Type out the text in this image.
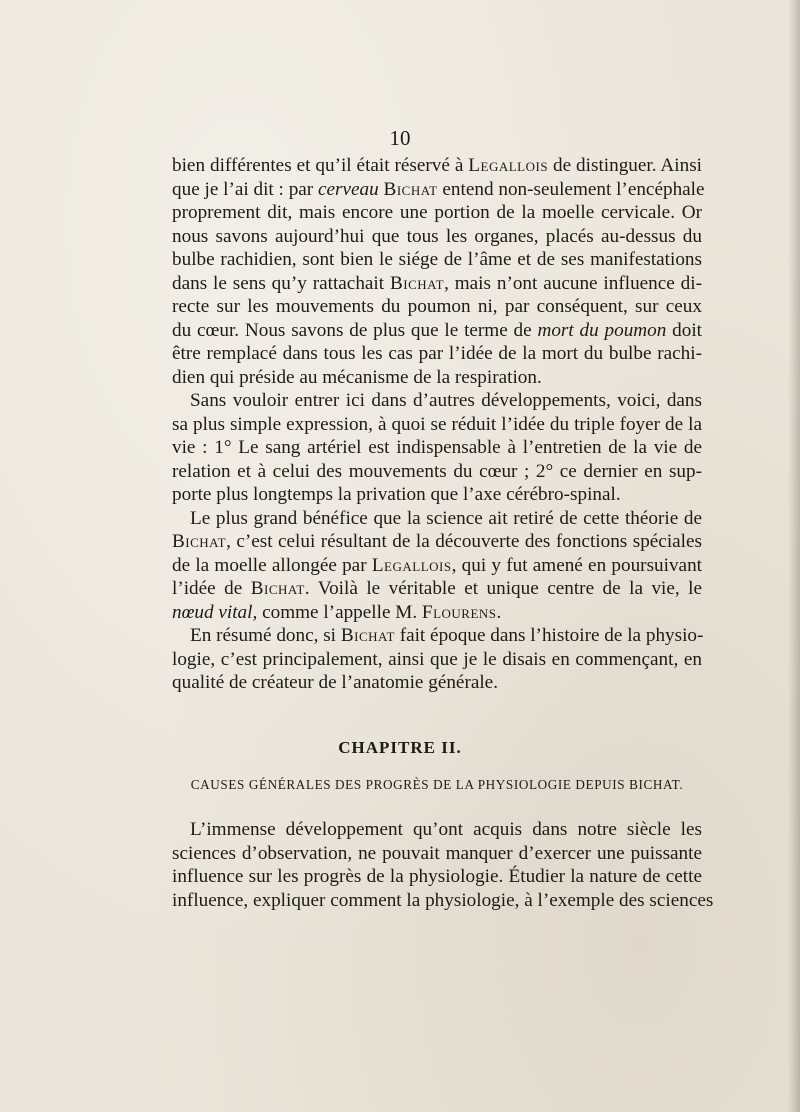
10
bien différentes et qu’il était réservé à Legallois de distinguer. Ainsi
que je l’ai dit : par cerveau Bichat entend non-seulement l’encéphale
proprement dit, mais encore une portion de la moelle cervicale. Or
nous savons aujourd’hui que tous les organes, placés au-dessus du
bulbe rachidien, sont bien le siége de l’âme et de ses manifestations
dans le sens qu’y rattachait Bichat, mais n’ont aucune influence di-
recte sur les mouvements du poumon ni, par conséquent, sur ceux
du cœur. Nous savons de plus que le terme de mort du poumon doit
être remplacé dans tous les cas par l’idée de la mort du bulbe rachi-
dien qui préside au mécanisme de la respiration.
Sans vouloir entrer ici dans d’autres développements, voici, dans
sa plus simple expression, à quoi se réduit l’idée du triple foyer de la
vie : 1° Le sang artériel est indispensable à l’entretien de la vie de
relation et à celui des mouvements du cœur ; 2° ce dernier en sup-
porte plus longtemps la privation que l’axe cérébro-spinal.
Le plus grand bénéfice que la science ait retiré de cette théorie de
Bichat, c’est celui résultant de la découverte des fonctions spéciales
de la moelle allongée par Legallois, qui y fut amené en poursuivant
l’idée de Bichat. Voilà le véritable et unique centre de la vie, le
nœud vital, comme l’appelle M. Flourens.
En résumé donc, si Bichat fait époque dans l’histoire de la physio-
logie, c’est principalement, ainsi que je le disais en commençant, en
qualité de créateur de l’anatomie générale.
CHAPITRE II.
CAUSES GÉNÉRALES DES PROGRÈS DE LA PHYSIOLOGIE DEPUIS BICHAT.
L’immense développement qu’ont acquis dans notre siècle les
sciences d’observation, ne pouvait manquer d’exercer une puissante
influence sur les progrès de la physiologie. Étudier la nature de cette
influence, expliquer comment la physiologie, à l’exemple des sciences
